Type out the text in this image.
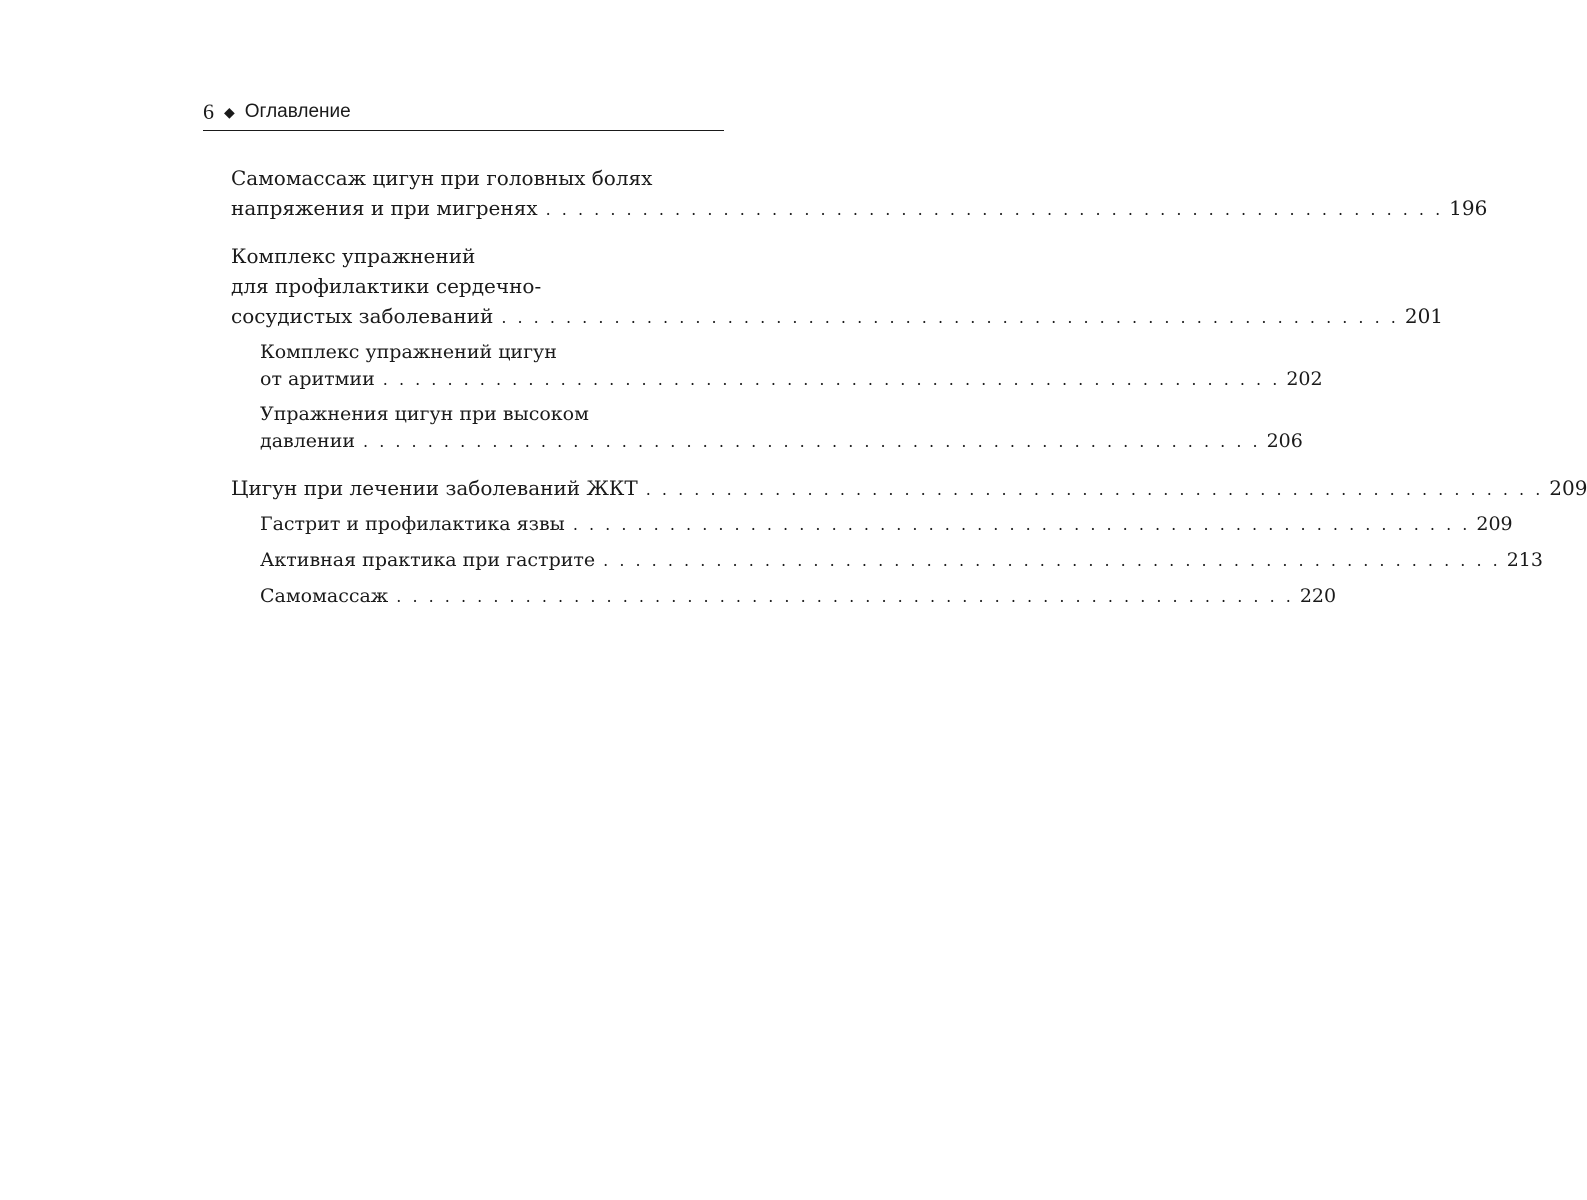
6 ◆ Оглавление
Самомассаж цигун при головных болях
напряжения и при мигренях . . . . . . . . . . . . . . . . . . . . . . . . . . . . . . . . . . . . . . . . . . . . . . . . . . . . . . . . 196
Комплекс упражнений
для профилактики сердечно-
сосудистых заболеваний . . . . . . . . . . . . . . . . . . . . . . . . . . . . . . . . . . . . . . . . . . . . . . . . . . . . . . . . 201
Комплекс упражнений цигун
от аритмии . . . . . . . . . . . . . . . . . . . . . . . . . . . . . . . . . . . . . . . . . . . . . . . . . . . . . . . . 202
Упражнения цигун при высоком
давлении . . . . . . . . . . . . . . . . . . . . . . . . . . . . . . . . . . . . . . . . . . . . . . . . . . . . . . . . 206
Цигун при лечении заболеваний ЖКТ . . . . . . . . . . . . . . . . . . . . . . . . . . . . . . . . . . . . . . . . . . . . . . . . . . . . . . . . 209
Гастрит и профилактика язвы . . . . . . . . . . . . . . . . . . . . . . . . . . . . . . . . . . . . . . . . . . . . . . . . . . . . . . . . 209
Активная практика при гастрите . . . . . . . . . . . . . . . . . . . . . . . . . . . . . . . . . . . . . . . . . . . . . . . . . . . . . . . . 213
Самомассаж . . . . . . . . . . . . . . . . . . . . . . . . . . . . . . . . . . . . . . . . . . . . . . . . . . . . . . . . 220
